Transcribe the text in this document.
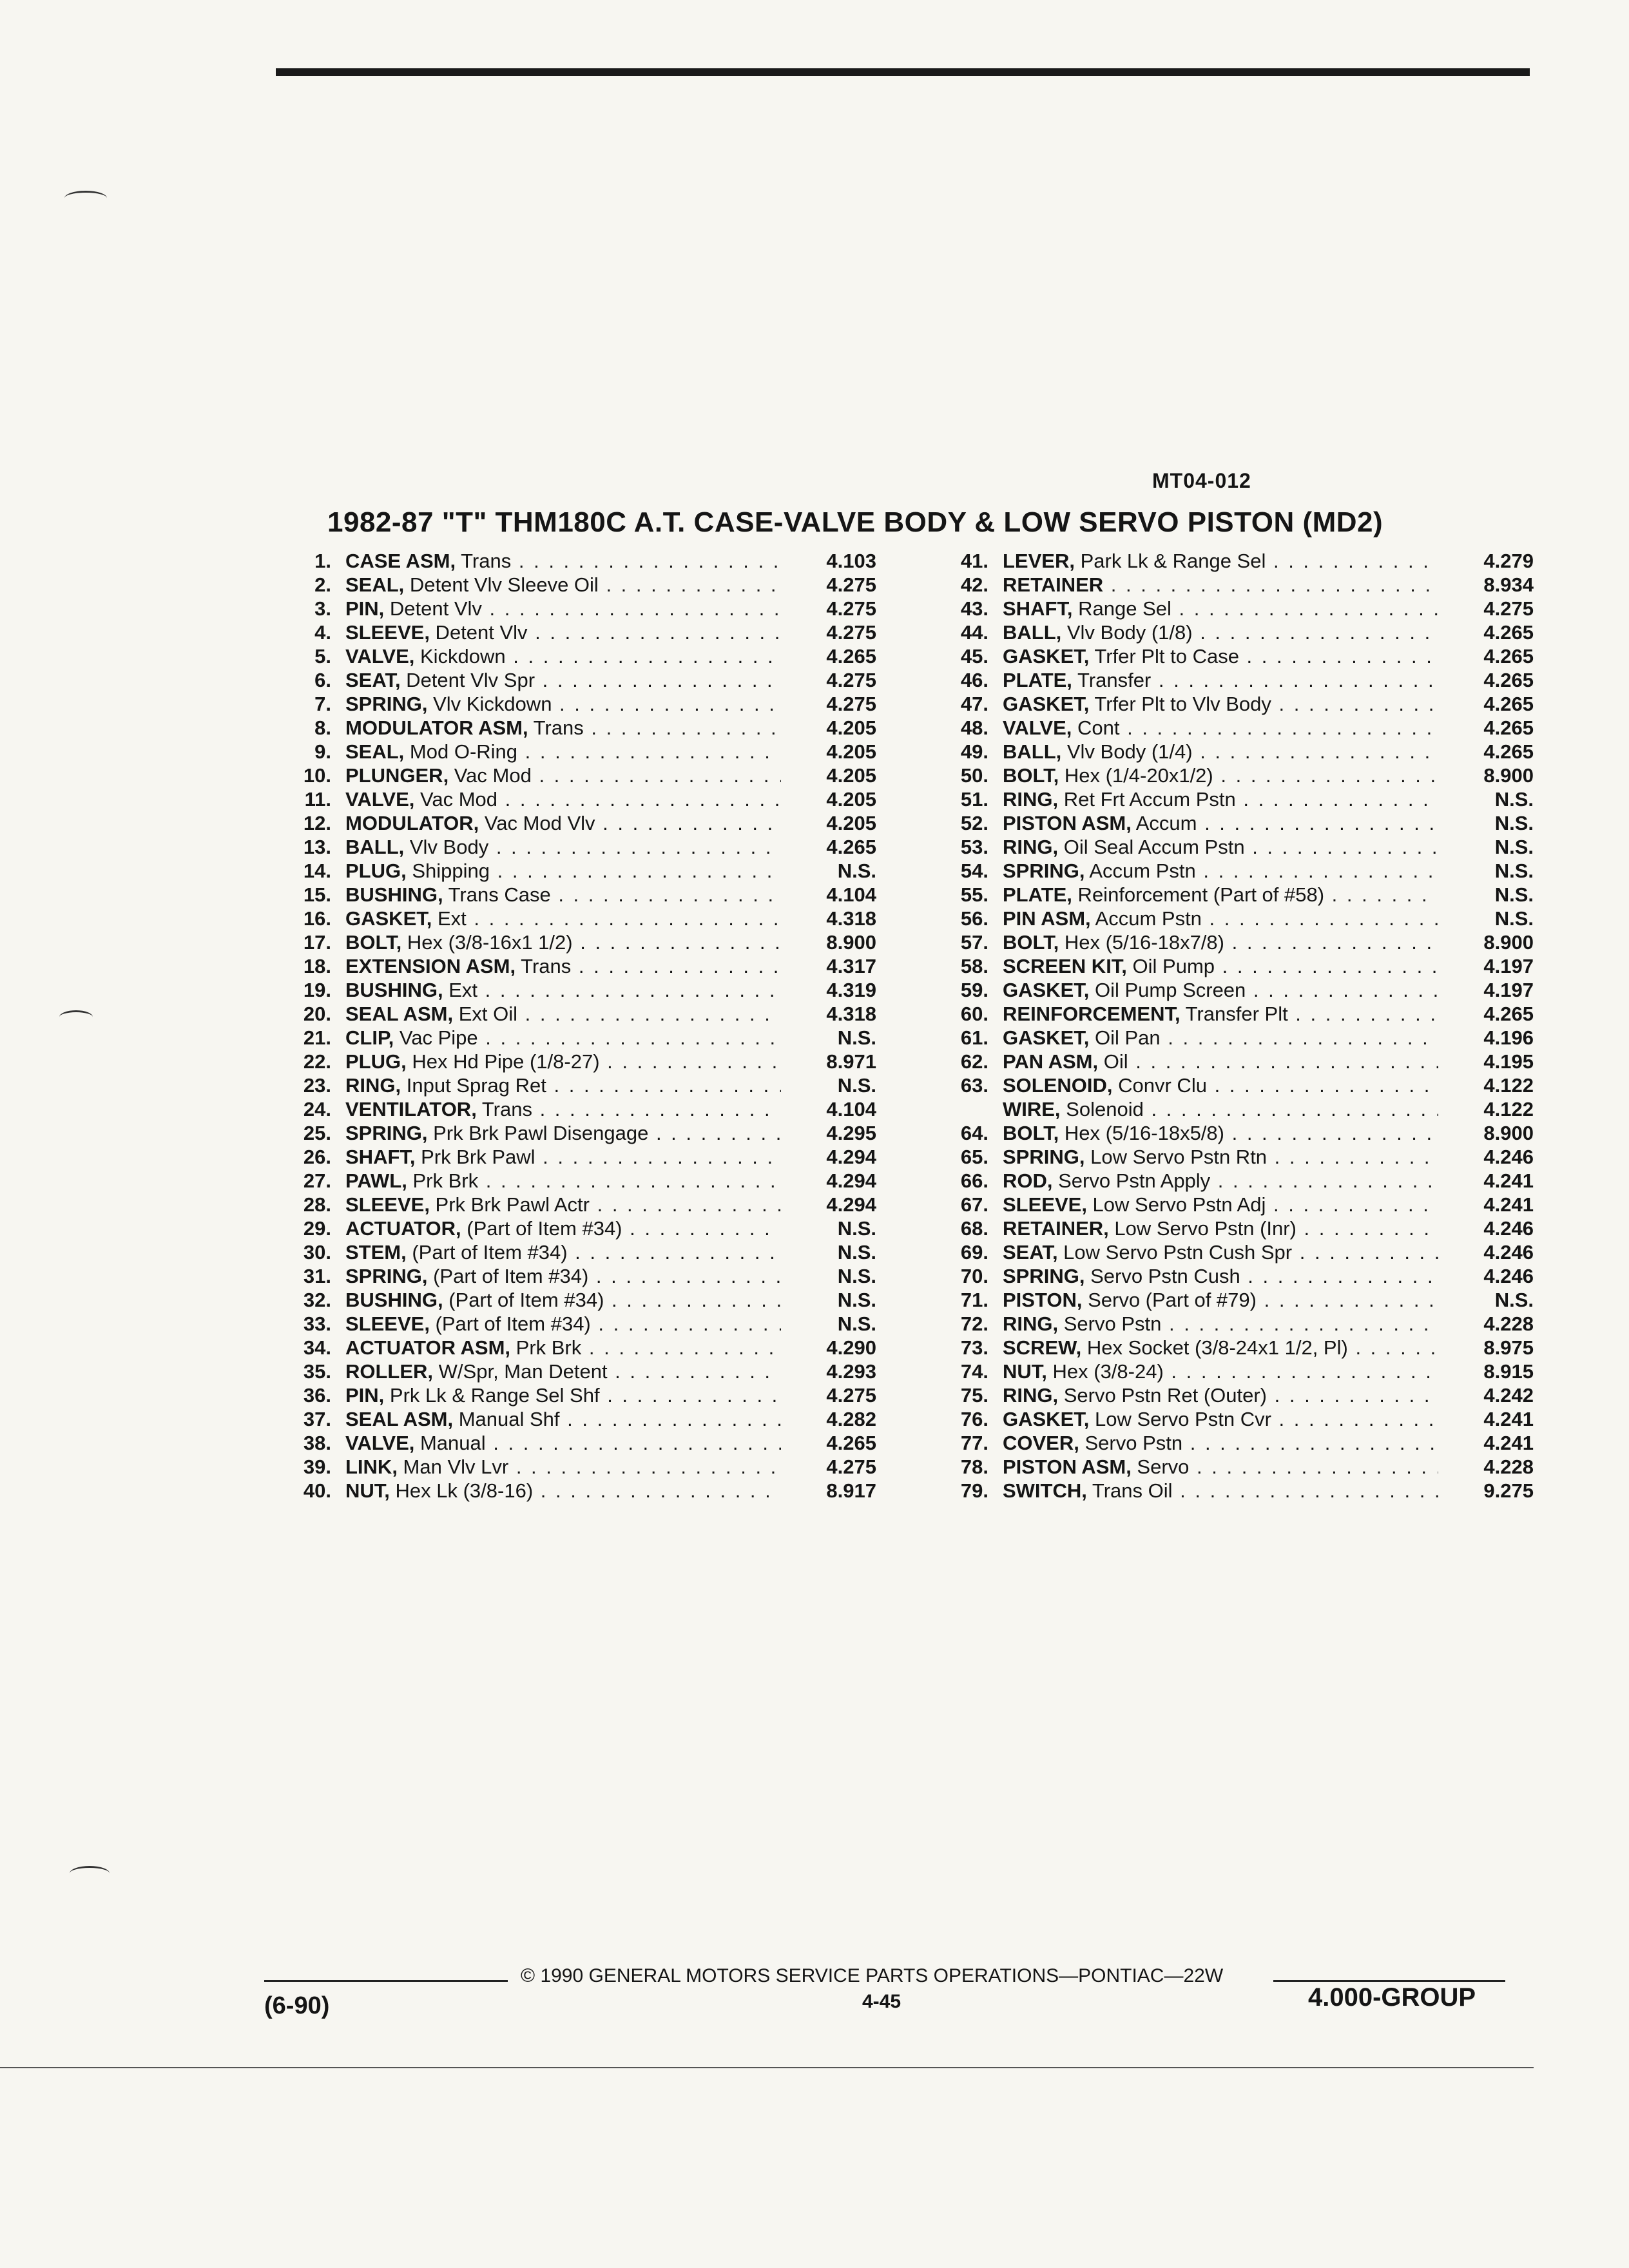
MT04-012
1982-87 "T" THM180C A.T. CASE-VALVE BODY & LOW SERVO PISTON (MD2)
1. CASE ASM, Trans . . .	4.103
2. SEAL, Detent Vlv Sleeve Oil . . .	4.275
3. PIN, Detent Vlv . . .	4.275
4. SLEEVE, Detent Vlv . . .	4.275
5. VALVE, Kickdown . . .	4.265
6. SEAT, Detent Vlv Spr . . .	4.275
7. SPRING, Vlv Kickdown . . .	4.275
8. MODULATOR ASM, Trans . . .	4.205
9. SEAL, Mod O-Ring . . .	4.205
10. PLUNGER, Vac Mod . . .	4.205
11. VALVE, Vac Mod . . .	4.205
12. MODULATOR, Vac Mod Vlv . . .	4.205
13. BALL, Vlv Body . . .	4.265
14. PLUG, Shipping . . .	N.S.
15. BUSHING, Trans Case . . .	4.104
16. GASKET, Ext . . .	4.318
17. BOLT, Hex (3/8-16x1 1/2) . . .	8.900
18. EXTENSION ASM, Trans . . .	4.317
19. BUSHING, Ext . . .	4.319
20. SEAL ASM, Ext Oil . . .	4.318
21. CLIP, Vac Pipe . . .	N.S.
22. PLUG, Hex Hd Pipe (1/8-27) . . .	8.971
23. RING, Input Sprag Ret . . .	N.S.
24. VENTILATOR, Trans . . .	4.104
25. SPRING, Prk Brk Pawl Disengage . . .	4.295
26. SHAFT, Prk Brk Pawl . . .	4.294
27. PAWL, Prk Brk . . .	4.294
28. SLEEVE, Prk Brk Pawl Actr . . .	4.294
29. ACTUATOR, (Part of Item #34) . . .	N.S.
30. STEM, (Part of Item #34) . . .	N.S.
31. SPRING, (Part of Item #34) . . .	N.S.
32. BUSHING, (Part of Item #34) . . .	N.S.
33. SLEEVE, (Part of Item #34) . . .	N.S.
34. ACTUATOR ASM, Prk Brk . . .	4.290
35. ROLLER, W/Spr, Man Detent . . .	4.293
36. PIN, Prk Lk & Range Sel Shf . . .	4.275
37. SEAL ASM, Manual Shf . . .	4.282
38. VALVE, Manual . . .	4.265
39. LINK, Man Vlv Lvr . . .	4.275
40. NUT, Hex Lk (3/8-16) . . .	8.917
41. LEVER, Park Lk & Range Sel . . .	4.279
42. RETAINER . . .	8.934
43. SHAFT, Range Sel . . .	4.275
44. BALL, Vlv Body (1/8) . . .	4.265
45. GASKET, Trfer Plt to Case . . .	4.265
46. PLATE, Transfer . . .	4.265
47. GASKET, Trfer Plt to Vlv Body . . .	4.265
48. VALVE, Cont . . .	4.265
49. BALL, Vlv Body (1/4) . . .	4.265
50. BOLT, Hex (1/4-20x1/2) . . .	8.900
51. RING, Ret Frt Accum Pstn . . .	N.S.
52. PISTON ASM, Accum . . .	N.S.
53. RING, Oil Seal Accum Pstn . . .	N.S.
54. SPRING, Accum Pstn . . .	N.S.
55. PLATE, Reinforcement (Part of #58) . . .	N.S.
56. PIN ASM, Accum Pstn . . .	N.S.
57. BOLT, Hex (5/16-18x7/8) . . .	8.900
58. SCREEN KIT, Oil Pump . . .	4.197
59. GASKET, Oil Pump Screen . . .	4.197
60. REINFORCEMENT, Transfer Plt . . .	4.265
61. GASKET, Oil Pan . . .	4.196
62. PAN ASM, Oil . . .	4.195
63. SOLENOID, Convr Clu . . .	4.122
WIRE, Solenoid . . .	4.122
64. BOLT, Hex (5/16-18x5/8) . . .	8.900
65. SPRING, Low Servo Pstn Rtn . . .	4.246
66. ROD, Servo Pstn Apply . . .	4.241
67. SLEEVE, Low Servo Pstn Adj . . .	4.241
68. RETAINER, Low Servo Pstn (Inr) . . .	4.246
69. SEAT, Low Servo Pstn Cush Spr . . .	4.246
70. SPRING, Servo Pstn Cush . . .	4.246
71. PISTON, Servo (Part of #79) . . .	N.S.
72. RING, Servo Pstn . . .	4.228
73. SCREW, Hex Socket (3/8-24x1 1/2, Pl) . . .	8.975
74. NUT, Hex (3/8-24) . . .	8.915
75. RING, Servo Pstn Ret (Outer) . . .	4.242
76. GASKET, Low Servo Pstn Cvr . . .	4.241
77. COVER, Servo Pstn . . .	4.241
78. PISTON ASM, Servo . . .	4.228
79. SWITCH, Trans Oil . . .	9.275
© 1990 GENERAL MOTORS SERVICE PARTS OPERATIONS—PONTIAC—22W
4-45
(6-90)	4.000-GROUP
